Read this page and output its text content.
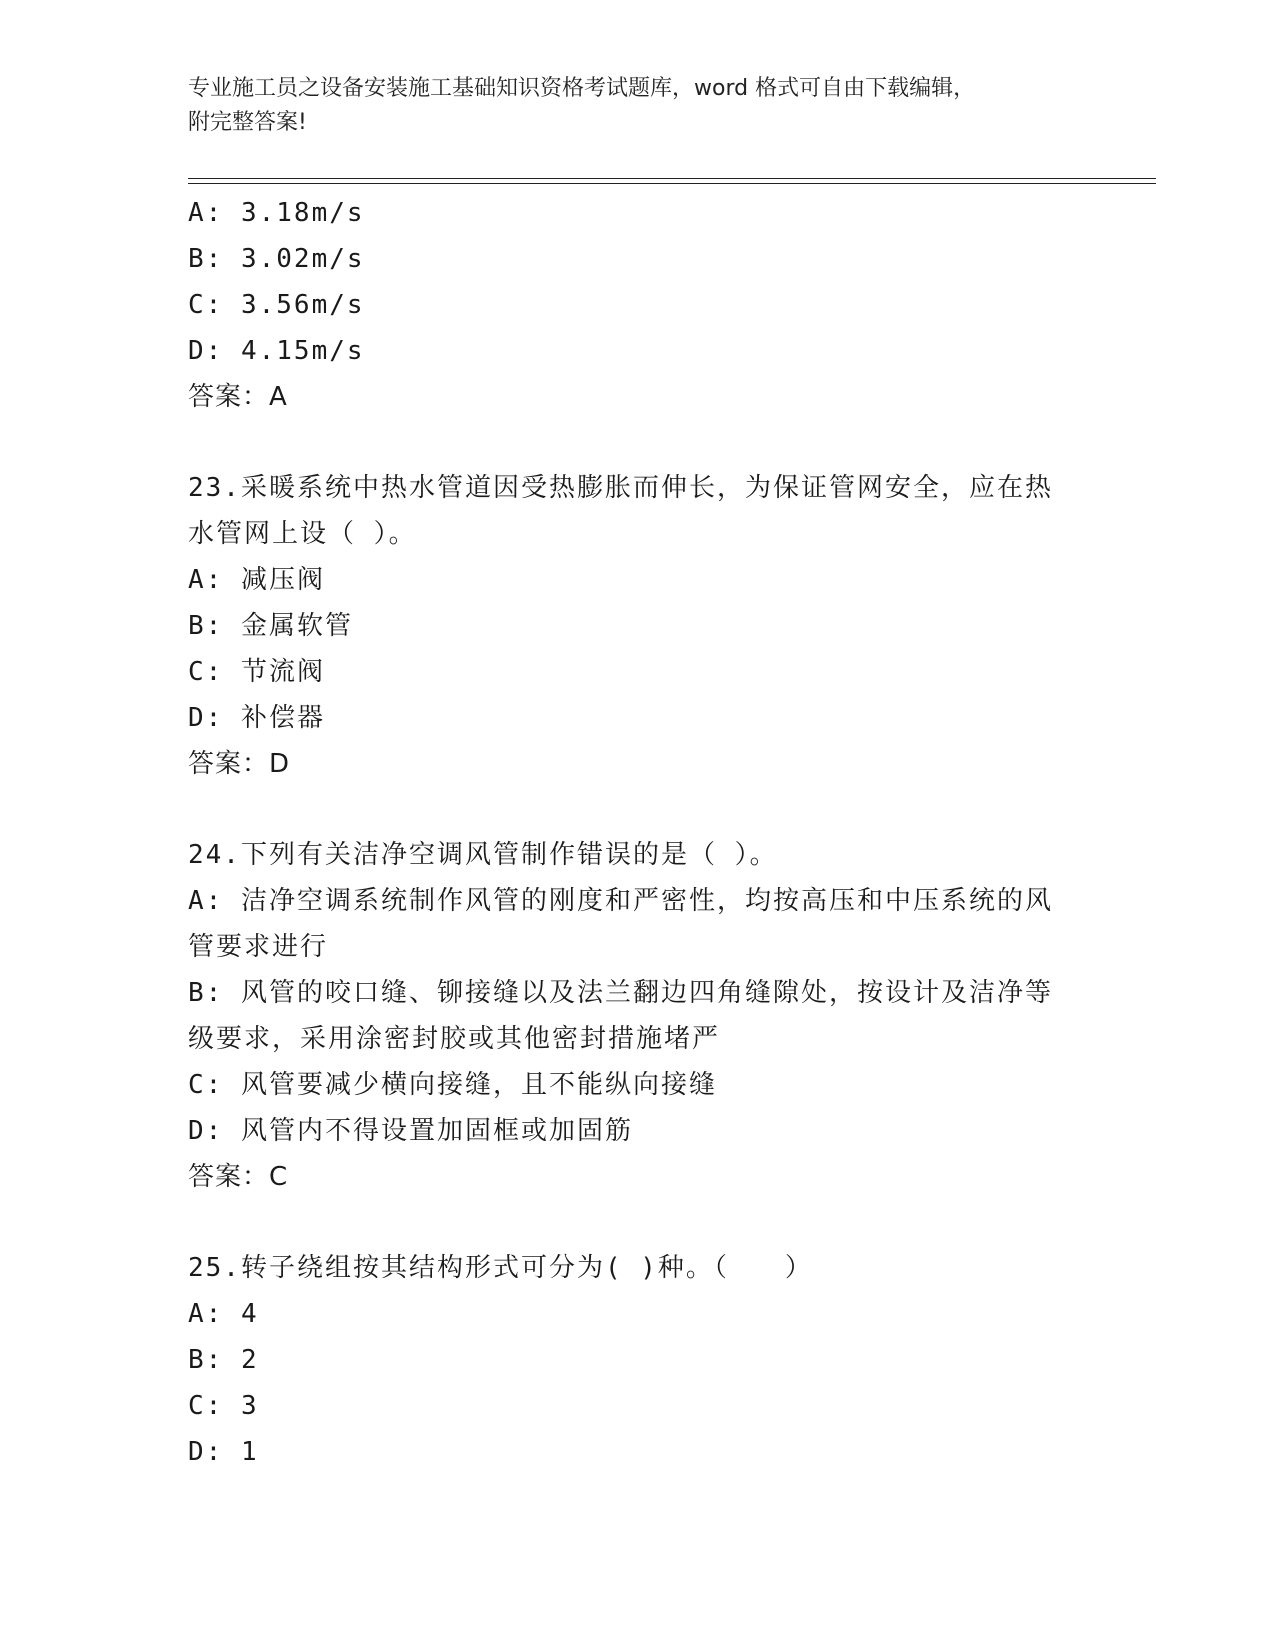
专业施工员之设备安装施工基础知识资格考试题库，word 格式可自由下载编辑，
附完整答案!
A: 3.18m/s
B: 3.02m/s
C: 3.56m/s
D: 4.15m/s
答案：A
23.采暖系统中热水管道因受热膨胀而伸长，为保证管网安全，应在热
水管网上设（ ）。
A: 减压阀
B: 金属软管
C: 节流阀
D: 补偿器
答案：D
24.下列有关洁净空调风管制作错误的是（ ）。
A: 洁净空调系统制作风管的刚度和严密性，均按高压和中压系统的风
管要求进行
B: 风管的咬口缝、铆接缝以及法兰翻边四角缝隙处，按设计及洁净等
级要求，采用涂密封胶或其他密封措施堵严
C: 风管要减少横向接缝，且不能纵向接缝
D: 风管内不得设置加固框或加固筋
答案：C
25.转子绕组按其结构形式可分为( )种。（　　）
A: 4
B: 2
C: 3
D: 1
